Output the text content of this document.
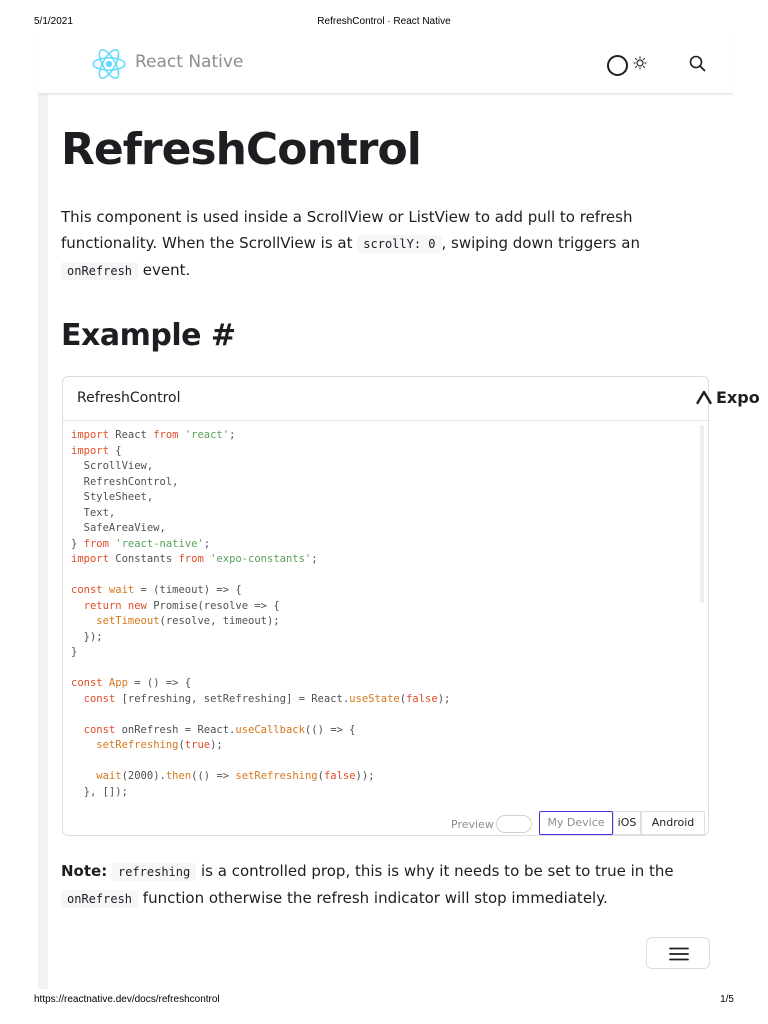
5/1/2021	RefreshControl · React Native
React Native
RefreshControl

This component is used inside a ScrollView or ListView to add pull to refresh functionality. When the ScrollView is at scrollY: 0 , swiping down triggers an onRefresh event.

Example #
RefreshControl	Expo
import React from 'react';
import {
ScrollView,
RefreshControl,
StyleSheet,
Text,
SafeAreaView,
} from 'react-native';
import Constants from 'expo-constants';
const wait = (timeout) => {
return new Promise(resolve => {
setTimeout(resolve, timeout);
});
}
const App = () => {
const [refreshing, setRefreshing] = React.useState(false);
const onRefresh = React.useCallback(() => {
setRefreshing(true);
wait(2000).then(() => setRefreshing(false));
}, []);
Preview	My Device	iOS	Android

Note: refreshing is a controlled prop, this is why it needs to be set to true in the onRefresh function otherwise the refresh indicator will stop immediately.

https://reactnative.dev/docs/refreshcontrol	1/5
